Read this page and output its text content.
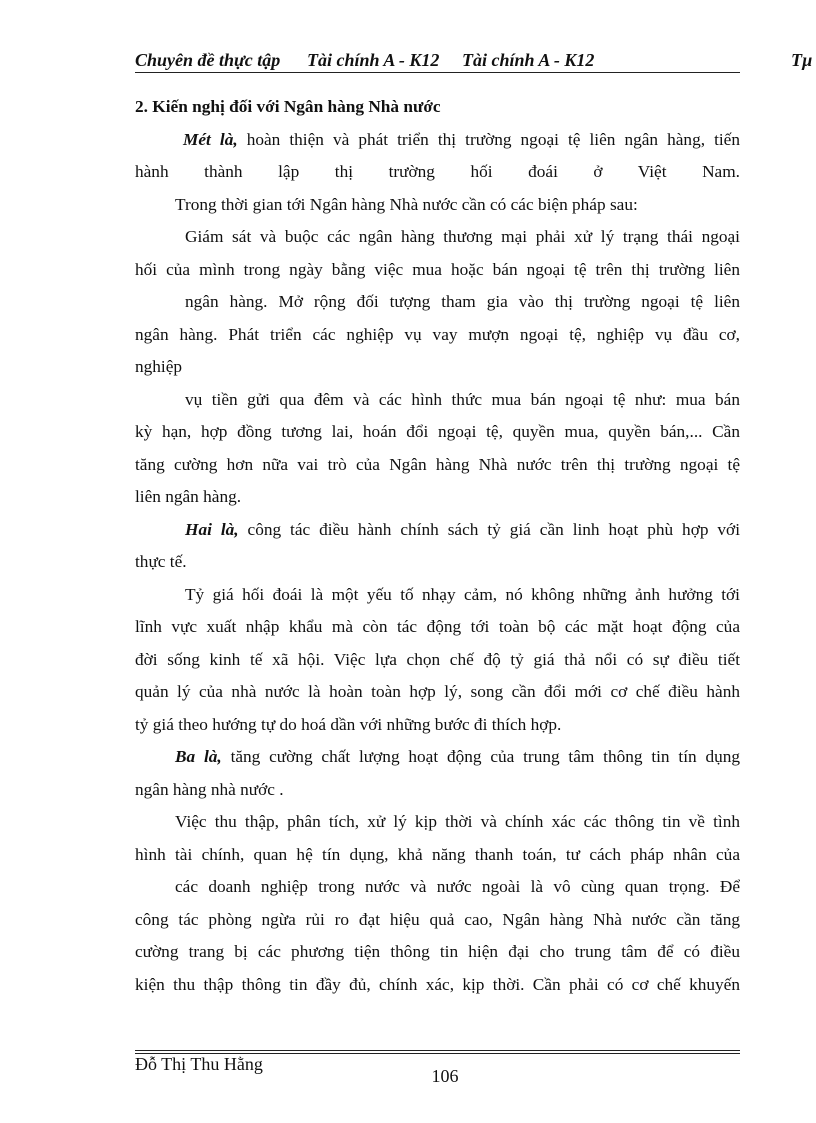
Chuyên đề thực tập Tài chính A - K12 Tài chính A - K12	Tµ
2. Kiến nghị đối với Ngân hàng Nhà nước
Mét là, hoàn thiện và phát triển thị trường ngoại tệ liên ngân hàng, tiến
hành thành lập thị trường hối đoái ở Việt Nam.
Trong thời gian tới Ngân hàng Nhà nước cần có các biện pháp sau:
Giám sát và buộc các ngân hàng thương mại phải xử lý trạng thái ngoại
hối của mình trong ngày bằng việc mua hoặc bán ngoại tệ trên thị trường liên
ngân hàng. Mở rộng đối tượng tham gia vào thị trường ngoại tệ liên
ngân hàng. Phát triển các nghiệp vụ vay mượn ngoại tệ, nghiệp vụ đầu cơ,
nghiệp
vụ tiền gửi qua đêm và các hình thức mua bán ngoại tệ như: mua bán
kỳ hạn, hợp đồng tương lai, hoán đổi ngoại tệ, quyền mua, quyền bán,... Cần
tăng cường hơn nữa vai trò của Ngân hàng Nhà nước trên thị trường ngoại tệ
liên ngân hàng.
Hai là, công tác điều hành chính sách tỷ giá cần linh hoạt phù hợp với
thực tế.
Tỷ giá hối đoái là một yếu tố nhạy cảm, nó không những ảnh hưởng tới
lĩnh vực xuất nhập khẩu mà còn tác động tới toàn bộ các mặt hoạt động của
đời sống kinh tế xã hội. Việc lựa chọn chế độ tỷ giá thả nổi có sự điều tiết
quản lý của nhà nước là hoàn toàn hợp lý, song cần đổi mới cơ chế điều hành
tỷ giá theo hướng tự do hoá dần với những bước đi thích hợp.
Ba là, tăng cường chất lượng hoạt động của trung tâm thông tin tín dụng
ngân hàng nhà nước .
Việc thu thập, phân tích, xử lý kịp thời và chính xác các thông tin về tình
hình tài chính, quan hệ tín dụng, khả năng thanh toán, tư cách pháp nhân của
các doanh nghiệp trong nước và nước ngoài là vô cùng quan trọng. Để
công tác phòng ngừa rủi ro đạt hiệu quả cao, Ngân hàng Nhà nước cần tăng
cường trang bị các phương tiện thông tin hiện đại cho trung tâm để có điều
kiện thu thập thông tin đầy đủ, chính xác, kịp thời. Cần phải có cơ chế khuyến
Đỗ Thị Thu Hằng
106
